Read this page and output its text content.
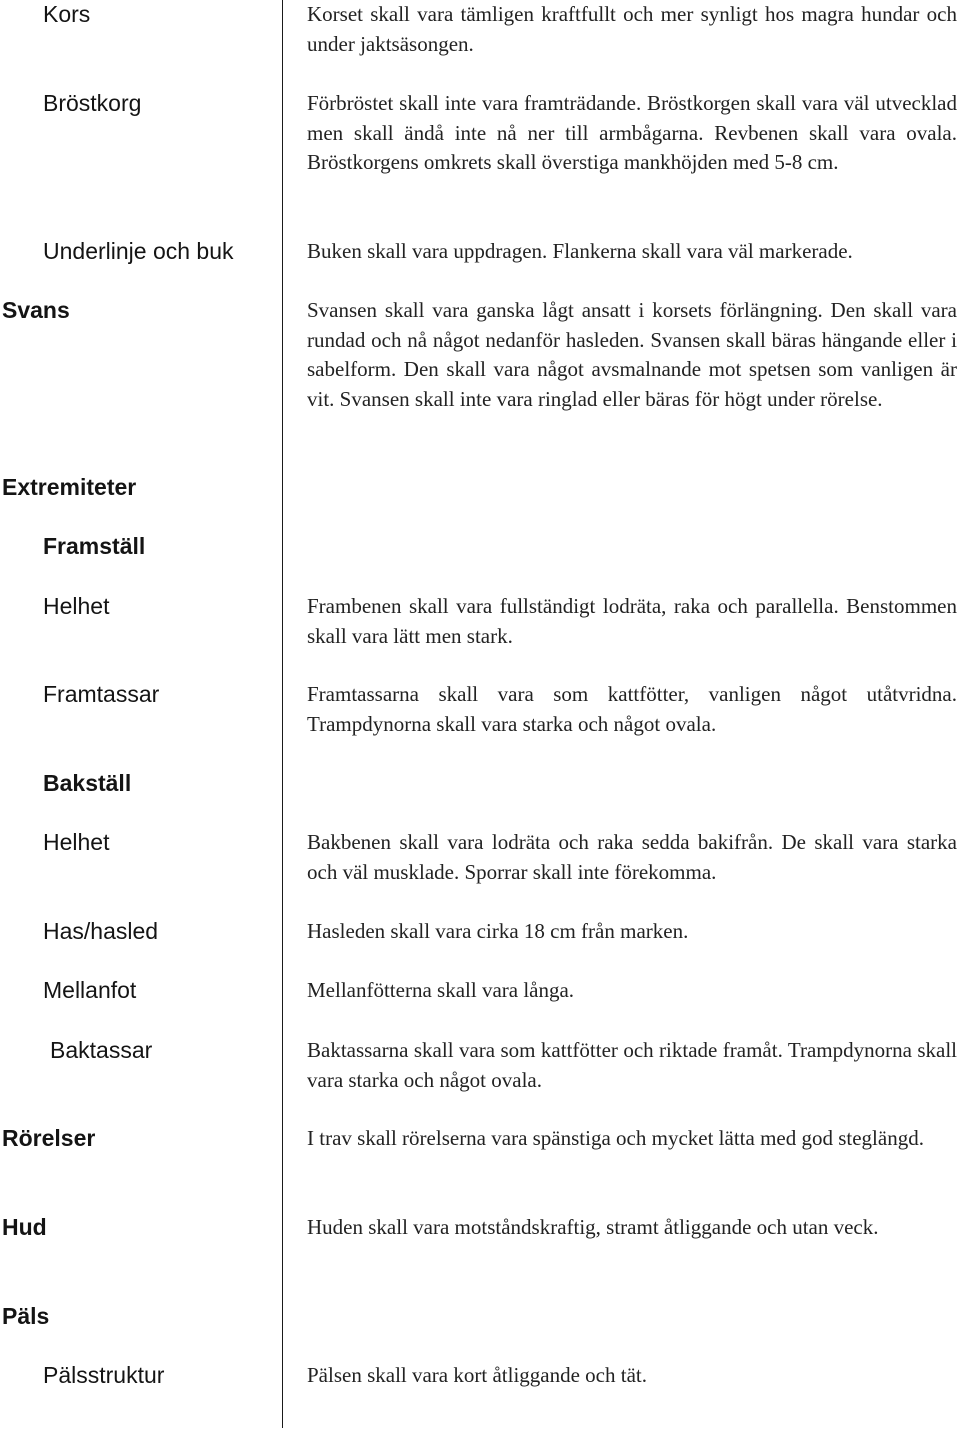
Kors	Korset skall vara tämligen kraftfullt och mer synligt hos magra hundar och under jaktsäsongen.

Bröstkorg	Förbröstet skall inte vara framträdande. Bröstkorgen skall vara väl utvecklad men skall ändå inte nå ner till armbågarna. Revbenen skall vara ovala. Bröstkorgens omkrets skall överstiga mankhöjden med 5-8 cm.

Underlinje och buk	Buken skall vara uppdragen. Flankerna skall vara väl markerade.

Svans	Svansen skall vara ganska lågt ansatt i korsets förlängning. Den skall vara rundad och nå något nedanför hasleden. Svansen skall bäras hängande eller i sabelform. Den skall vara något avsmalnande mot spetsen som vanligen är vit. Svansen skall inte vara ringlad eller bäras för högt under rörelse.

Extremiteter
Framställ
Helhet	Frambenen skall vara fullständigt lodräta, raka och parallella. Benstommen skall vara lätt men stark.

Framtassar	Framtassarna skall vara som kattfötter, vanligen något utåtvridna. Trampdynorna skall vara starka och något ovala.

Bakställ
Helhet	Bakbenen skall vara lodräta och raka sedda bakifrån. De skall vara starka och väl musklade. Sporrar skall inte förekomma.

Has/hasled	Hasleden skall vara cirka 18 cm från marken.

Mellanfot	Mellanfötterna skall vara långa.

Baktassar	Baktassarna skall vara som kattfötter och riktade framåt. Trampdynorna skall vara starka och något ovala.

Rörelser	I trav skall rörelserna vara spänstiga och mycket lätta med god steglängd.

Hud	Huden skall vara motståndskraftig, stramt åtliggande och utan veck.

Päls
Pälsstruktur	Pälsen skall vara kort åtliggande och tät.
